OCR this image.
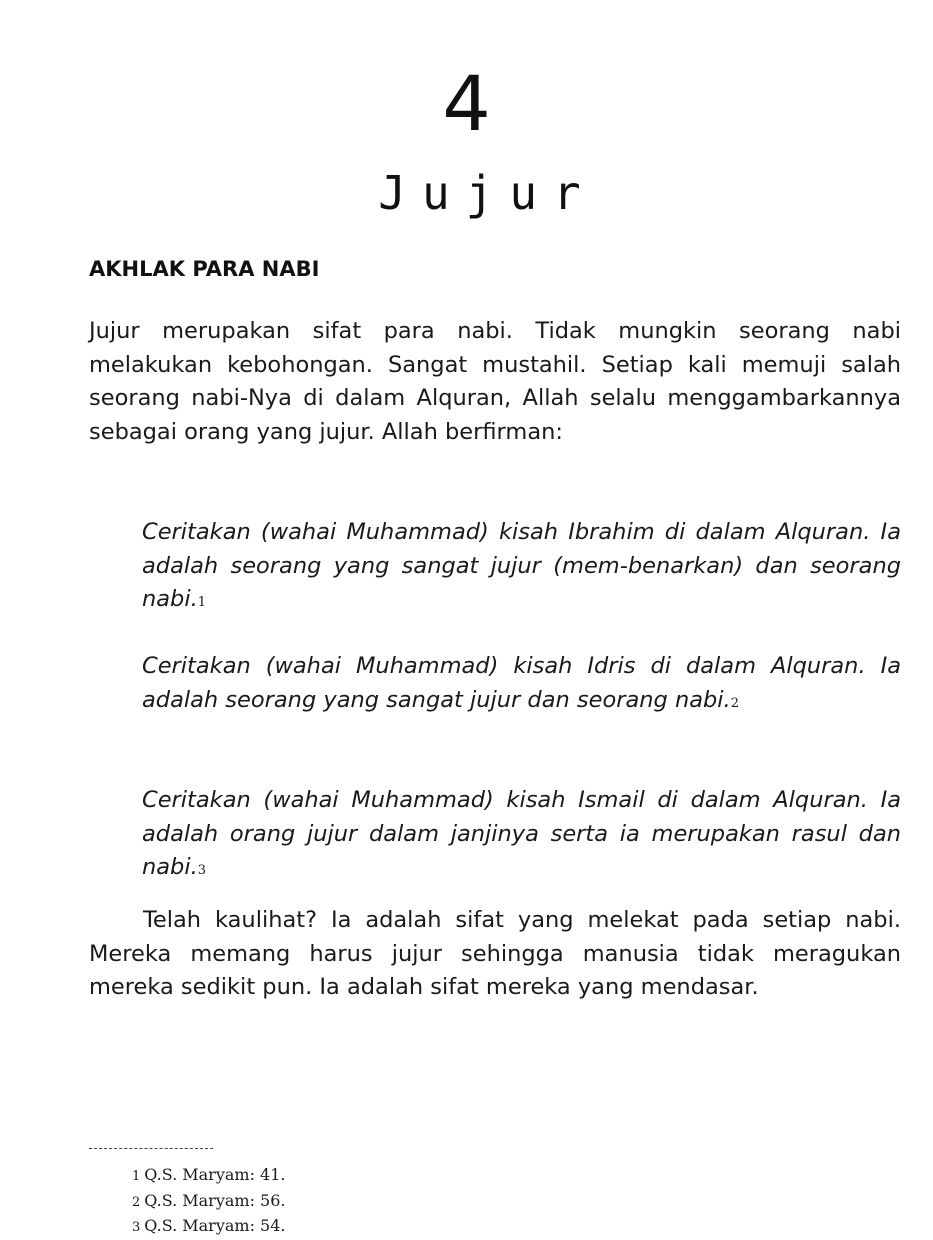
4
Jujur
AKHLAK PARA NABI

Jujur merupakan sifat para nabi. Tidak mungkin seorang nabi melakukan kebohongan. Sangat mustahil. Setiap kali memuji salah seorang nabi-Nya di dalam Alquran, Allah selalu menggambarkannya sebagai orang yang jujur. Allah berfirman:

Ceritakan (wahai Muhammad) kisah Ibrahim di dalam Alquran. Ia adalah seorang yang sangat jujur (mem-benarkan) dan seorang nabi.1

Ceritakan (wahai Muhammad) kisah Idris di dalam Alquran. Ia adalah seorang yang sangat jujur dan seorang nabi.2

Ceritakan (wahai Muhammad) kisah Ismail di dalam Alquran. Ia adalah orang jujur dalam janjinya serta ia merupakan rasul dan nabi.3

Telah kaulihat? Ia adalah sifat yang melekat pada setiap nabi. Mereka memang harus jujur sehingga manusia tidak meragukan mereka sedikit pun. Ia adalah sifat mereka yang mendasar.

1 Q.S. Maryam: 41.
2 Q.S. Maryam: 56.
3 Q.S. Maryam: 54.
